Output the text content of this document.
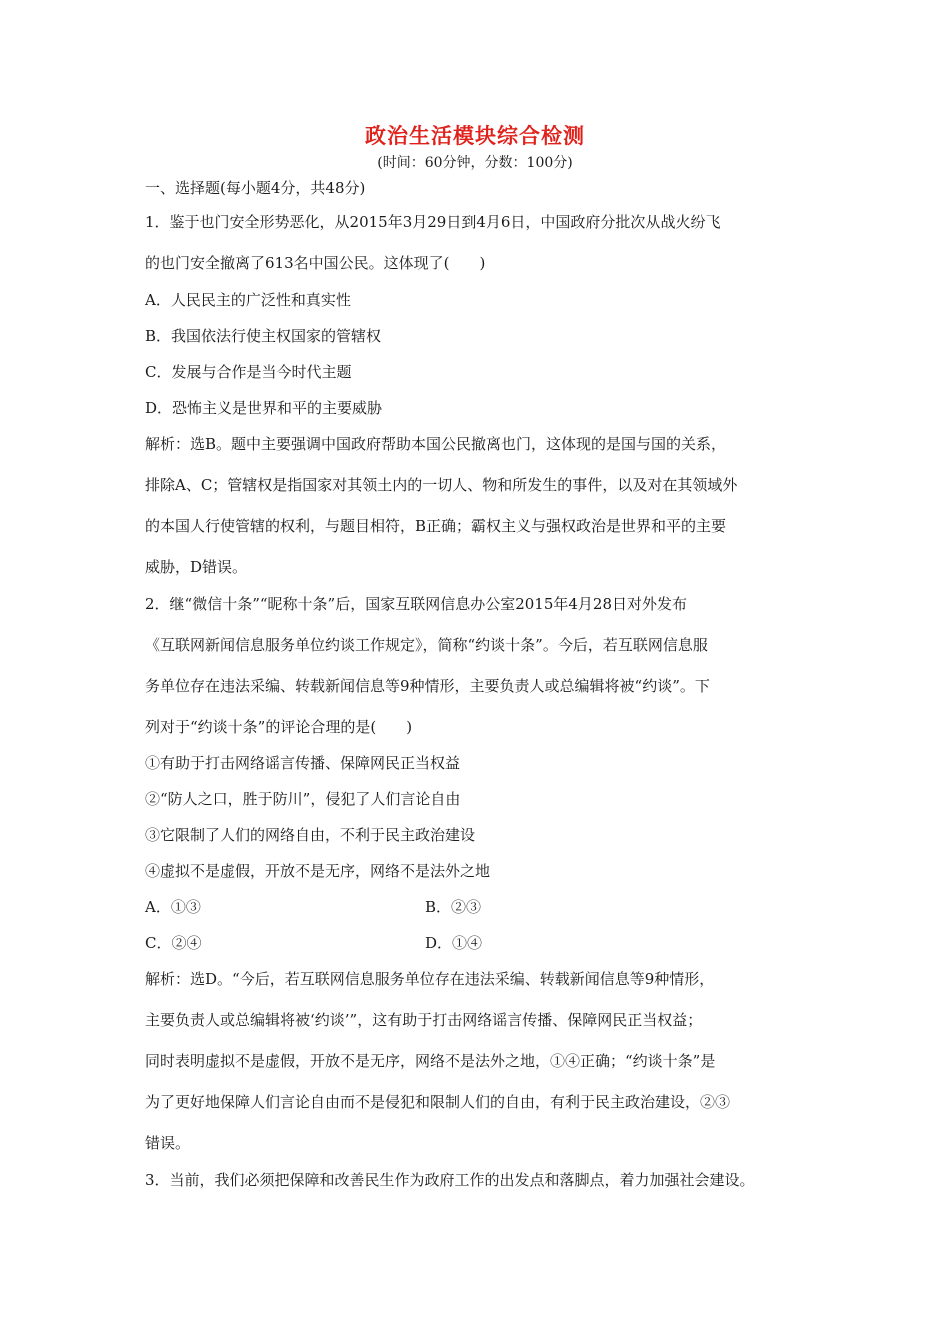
政治生活模块综合检测
(时间：60分钟，分数：100分)
一、选择题(每小题4分，共48分)
1．鉴于也门安全形势恶化，从2015年3月29日到4月6日，中国政府分批次从战火纷飞
的也门安全撤离了613名中国公民。这体现了(　　)
A．人民民主的广泛性和真实性
B．我国依法行使主权国家的管辖权
C．发展与合作是当今时代主题
D．恐怖主义是世界和平的主要威胁
解析：选B。题中主要强调中国政府帮助本国公民撤离也门，这体现的是国与国的关系，
排除A、C；管辖权是指国家对其领土内的一切人、物和所发生的事件，以及对在其领域外
的本国人行使管辖的权利，与题目相符，B正确；霸权主义与强权政治是世界和平的主要
威胁，D错误。
2．继“微信十条”“昵称十条”后，国家互联网信息办公室2015年4月28日对外发布
《互联网新闻信息服务单位约谈工作规定》，简称“约谈十条”。今后，若互联网信息服
务单位存在违法采编、转载新闻信息等9种情形，主要负责人或总编辑将被“约谈”。下
列对于“约谈十条”的评论合理的是(　　)
①有助于打击网络谣言传播、保障网民正当权益
②“防人之口，胜于防川”，侵犯了人们言论自由
③它限制了人们的网络自由，不利于民主政治建设
④虚拟不是虚假，开放不是无序，网络不是法外之地
A．①③	B．②③
C．②④	D．①④
解析：选D。“今后，若互联网信息服务单位存在违法采编、转载新闻信息等9种情形，
主要负责人或总编辑将被‘约谈’”，这有助于打击网络谣言传播、保障网民正当权益；
同时表明虚拟不是虚假，开放不是无序，网络不是法外之地，①④正确；“约谈十条”是
为了更好地保障人们言论自由而不是侵犯和限制人们的自由，有利于民主政治建设，②③
错误。
3．当前，我们必须把保障和改善民生作为政府工作的出发点和落脚点，着力加强社会建设。
